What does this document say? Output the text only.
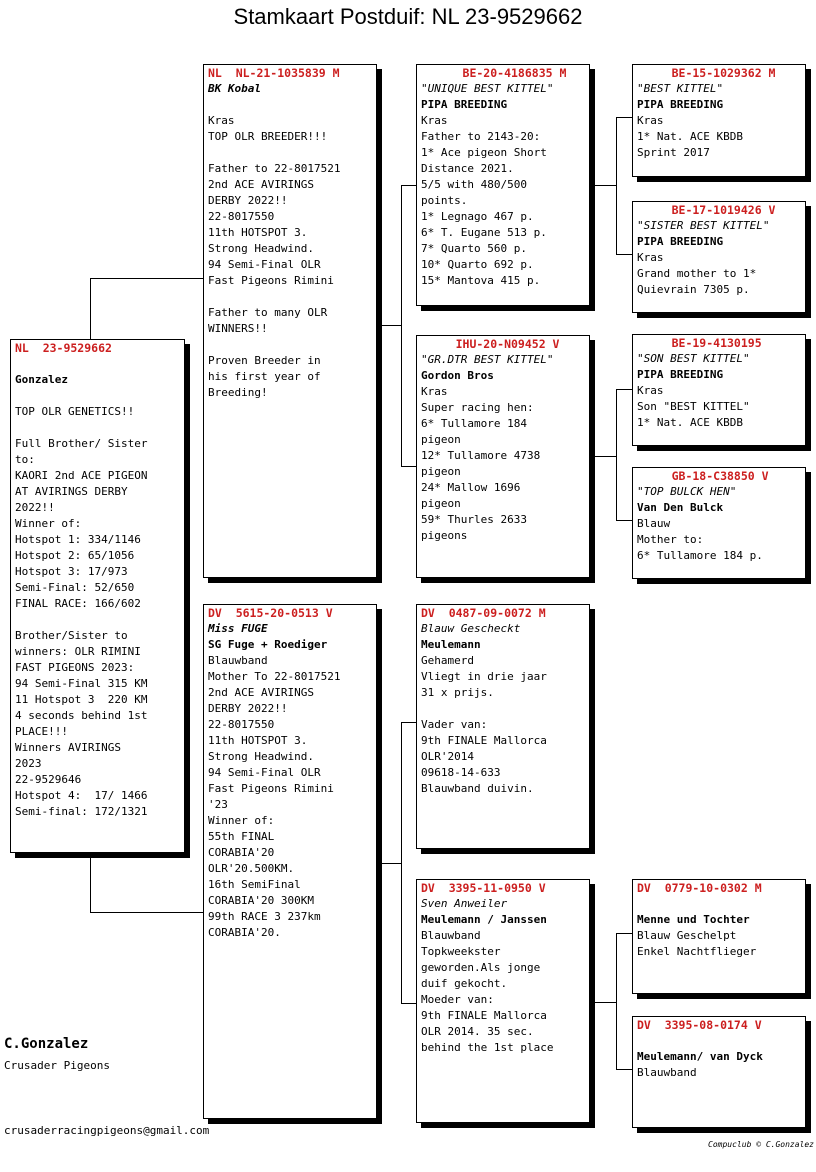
Stamkaart Postduif: NL 23-9529662
NL  23-9529662
Gonzalez
TOP OLR GENETICS!!
Full Brother/ Sister
to:
KAORI 2nd ACE PIGEON
AT AVIRINGS DERBY
2022!!
Winner of:
Hotspot 1: 334/1146
Hotspot 2: 65/1056
Hotspot 3: 17/973
Semi-Final: 52/650
FINAL RACE: 166/602
Brother/Sister to
winners: OLR RIMINI
FAST PIGEONS 2023:
94 Semi-Final 315 KM
11 Hotspot 3  220 KM
4 seconds behind 1st
PLACE!!!
Winners AVIRINGS
2023
22-9529646
Hotspot 4:  17/ 1466
Semi-final: 172/1321
NL  NL-21-1035839 M
BK Kobal
Kras
TOP OLR BREEDER!!!
Father to 22-8017521
2nd ACE AVIRINGS
DERBY 2022!!
22-8017550
11th HOTSPOT 3.
Strong Headwind.
94 Semi-Final OLR
Fast Pigeons Rimini
Father to many OLR
WINNERS!!
Proven Breeder in
his first year of
Breeding!
DV  5615-20-0513 V
Miss FUGE
SG Fuge + Roediger
Blauwband
Mother To 22-8017521
2nd ACE AVIRINGS
DERBY 2022!!
22-8017550
11th HOTSPOT 3.
Strong Headwind.
94 Semi-Final OLR
Fast Pigeons Rimini
'23
Winner of:
55th FINAL
CORABIA'20
OLR'20.500KM.
16th SemiFinal
CORABIA'20 300KM
99th RACE 3 237km
CORABIA'20.
BE-20-4186835 M
"UNIQUE BEST KITTEL"
PIPA BREEDING
Kras
Father to 2143-20:
1* Ace pigeon Short
Distance 2021.
5/5 with 480/500
points.
1* Legnago 467 p.
6* T. Eugane 513 p.
7* Quarto 560 p.
10* Quarto 692 p.
15* Mantova 415 p.
IHU-20-N09452 V
"GR.DTR BEST KITTEL"
Gordon Bros
Kras
Super racing hen:
6* Tullamore 184
pigeon
12* Tullamore 4738
pigeon
24* Mallow 1696
pigeon
59* Thurles 2633
pigeons
DV  0487-09-0072 M
Blauw Gescheckt
Meulemann
Gehamerd
Vliegt in drie jaar
31 x prijs.
Vader van:
9th FINALE Mallorca
OLR'2014
09618-14-633
Blauwband duivin.
DV  3395-11-0950 V
Sven Anweiler
Meulemann / Janssen
Blauwband
Topkweekster
geworden.Als jonge
duif gekocht.
Moeder van:
9th FINALE Mallorca
OLR 2014. 35 sec.
behind the 1st place
BE-15-1029362 M
"BEST KITTEL"
PIPA BREEDING
Kras
1* Nat. ACE KBDB
Sprint 2017
BE-17-1019426 V
"SISTER BEST KITTEL"
PIPA BREEDING
Kras
Grand mother to 1*
Quievrain 7305 p.
BE-19-4130195
"SON BEST KITTEL"
PIPA BREEDING
Kras
Son "BEST KITTEL"
1* Nat. ACE KBDB
GB-18-C38850 V
"TOP BULCK HEN"
Van Den Bulck
Blauw
Mother to:
6* Tullamore 184 p.
DV  0779-10-0302 M
Menne und Tochter
Blauw Geschelpt
Enkel Nachtflieger
DV  3395-08-0174 V
Meulemann/ van Dyck
Blauwband
C.Gonzalez
Crusader Pigeons
crusaderracingpigeons@gmail.com
Compuclub © C.Gonzalez
